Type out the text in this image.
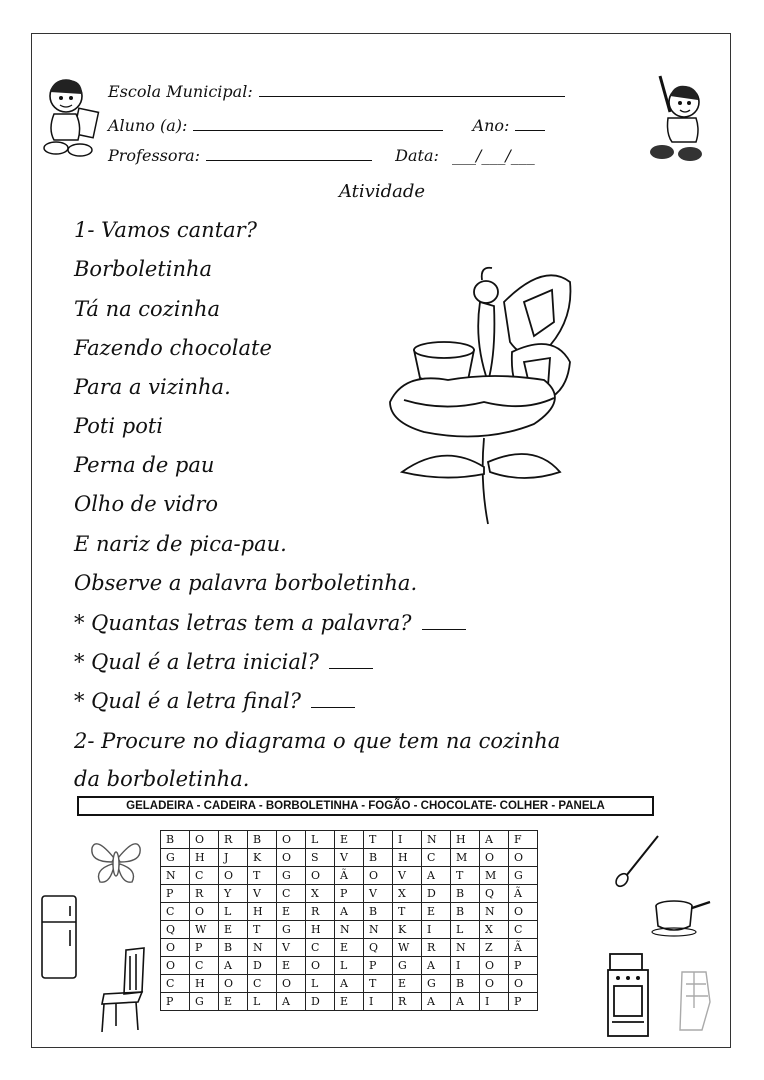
Escola Municipal:
Aluno (a):	Ano:
Professora:	Data: ___/___/___
Atividade
1- Vamos cantar?
Borboletinha
Tá na cozinha
Fazendo chocolate
Para a vizinha.
Poti poti
Perna de pau
Olho de vidro
E nariz de pica-pau.
Observe a palavra borboletinha.
* Quantas letras tem a palavra?
* Qual é a letra inicial?
* Qual é a letra final?
2- Procure no diagrama o que tem na cozinha
da borboletinha.
GELADEIRA - CADEIRA - BORBOLETINHA - FOGÃO - CHOCOLATE- COLHER - PANELA
B	O	R	B	O	L	E	T	I	N	H	A	F
G	H	J	K	O	S	V	B	H	C	M	O	O
N	C	O	T	G	O	Ã	O	V	A	T	M	G
P	R	Y	V	C	X	P	V	X	D	B	Q	Ã
C	O	L	H	E	R	A	B	T	E	B	N	O
Q	W	E	T	G	H	N	N	K	I	L	X	C
O	P	B	N	V	C	E	Q	W	R	N	Z	Ã
O	C	A	D	E	O	L	P	G	A	I	O	P
C	H	O	C	O	L	A	T	E	G	B	O	O
P	G	E	L	A	D	E	I	R	A	A	I	P
